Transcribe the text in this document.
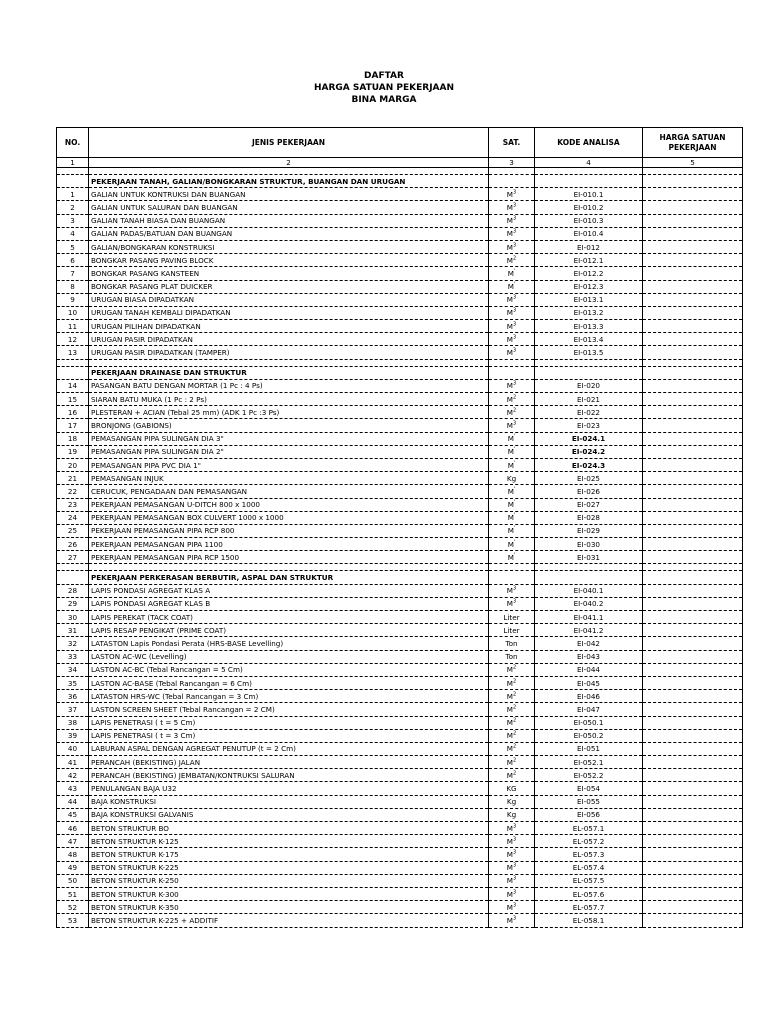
DAFTAR
HARGA SATUAN PEKERJAAN
BINA MARGA
NO.	JENIS PEKERJAAN	SAT.	KODE ANALISA	HARGA SATUAN PEKERJAAN
1	2	3	4	5

	PEKERJAAN TANAH, GALIAN/BONGKARAN STRUKTUR, BUANGAN DAN URUGAN			
1	GALIAN UNTUK KONTRUKSI DAN BUANGAN	$M^3$	EI-010.1	
2	GALIAN UNTUK SALURAN DAN BUANGAN	$M^3$	EI-010.2	
3	GALIAN TANAH BIASA DAN BUANGAN	$M^3$	EI-010.3	
4	GALIAN PADAS/BATUAN DAN BUANGAN	$M^3$	EI-010.4	
5	GALIAN/BONGKARAN KONSTRUKSI	$M^3$	EI-012	
6	BONGKAR PASANG PAVING BLOCK	$M^2$	EI-012.1	
7	BONGKAR PASANG KANSTEEN	M'	EI-012.2	
8	BONGKAR PASANG PLAT DUICKER	M'	EI-012.3	
9	URUGAN BIASA DIPADATKAN	$M^3$	EI-013.1	
10	URUGAN TANAH KEMBALI DIPADATKAN	$M^3$	EI-013.2	
11	URUGAN PILIHAN DIPADATKAN	$M^3$	EI-013.3	
12	URUGAN PASIR DIPADATKAN	$M^3$	EI-013.4	
13	URUGAN PASIR DIPADATKAN (TAMPER)	$M^3$	EI-013.5	

	PEKERJAAN DRAINASE DAN STRUKTUR			
14	PASANGAN BATU DENGAN MORTAR (1 Pc : 4 Ps)	$M^3$	EI-020	
15	SIARAN BATU MUKA (1 Pc : 2 Ps)	$M^2$	EI-021	
16	PLESTERAN + ACIAN (Tebal 25 mm) (ADK 1 Pc :3 Ps)	$M^2$	EI-022	
17	BRONJONG (GABIONS)	$M^3$	EI-023	
18	PEMASANGAN PIPA SULINGAN DIA 3"	M'	EI-024.1	
19	PEMASANGAN PIPA SULINGAN DIA 2"	M'	EI-024.2	
20	PEMASANGAN PIPA PVC DIA 1"	M'	EI-024.3	
21	PEMASANGAN INJUK	Kg	EI-025	
22	CERUCUK, PENGADAAN DAN PEMASANGAN	M'	EI-026	
23	PEKERJAAN PEMASANGAN U-DITCH 800 x 1000	M'	EI-027	
24	PEKERJAAN PEMASANGAN BOX CULVERT 1000 x 1000	M'	EI-028	
25	PEKERJAAN PEMASANGAN PIPA RCP 800	M'	EI-029	
26	PEKERJAAN PEMASANGAN PIPA 1100	M'	EI-030	
27	PEKERJAAN PEMASANGAN PIPA RCP 1500	M'	EI-031	

	PEKERJAAN PERKERASAN BERBUTIR, ASPAL DAN STRUKTUR			
28	LAPIS PONDASI AGREGAT KLAS A	$M^3$	EI-040.1	
29	LAPIS PONDASI AGREGAT KLAS B	$M^3$	EI-040.2	
30	LAPIS PEREKAT (TACK COAT)	Liter	EI-041.1	
31	LAPIS RESAP PENGIKAT (PRIME COAT)	Liter	EI-041.2	
32	LATASTON Lapis Pondasi Perata (HRS-BASE Levelling)	Ton	EI-042	
33	LASTON AC-WC (Levelling)	Ton	EI-043	
34	LASTON AC-BC (Tebal Rancangan = 5 Cm)	$M^2$	EI-044	
35	LASTON AC-BASE (Tebal Rancangan = 6 Cm)	$M^2$	EI-045	
36	LATASTON HRS-WC (Tebal Rancangan = 3 Cm)	$M^2$	EI-046	
37	LASTON SCREEN SHEET (Tebal Rancangan = 2 CM)	$M^2$	EI-047	
38	LAPIS PENETRASI ( t = 5 Cm)	$M^2$	EI-050.1	
39	LAPIS PENETRASI ( t = 3 Cm)	$M^2$	EI-050.2	
40	LABURAN ASPAL DENGAN AGREGAT PENUTUP (t = 2 Cm)	$M^2$	EI-051	
41	PERANCAH (BEKISTING) JALAN	$M^2$	EI-052.1	
42	PERANCAH (BEKISTING) JEMBATAN/KONTRUKSI SALURAN	$M^2$	EI-052.2	
43	PENULANGAN BAJA U32	KG	EI-054	
44	BAJA KONSTRUKSI	Kg	EI-055	
45	BAJA KONSTRUKSI GALVANIS	Kg	EI-056	
46	BETON STRUKTUR BO	$M^3$	EL-057.1	
47	BETON STRUKTUR K-125	$M^3$	EL-057.2	
48	BETON STRUKTUR K-175	$M^3$	EL-057.3	
49	BETON STRUKTUR K-225	$M^3$	EL-057.4	
50	BETON STRUKTUR K-250	$M^3$	EL-057.5	
51	BETON STRUKTUR K-300	$M^3$	EL-057.6	
52	BETON STRUKTUR K-350	$M^3$	EL-057.7	
53	BETON STRUKTUR K-225 + ADDITIF	$M^3$	EL-058.1	
